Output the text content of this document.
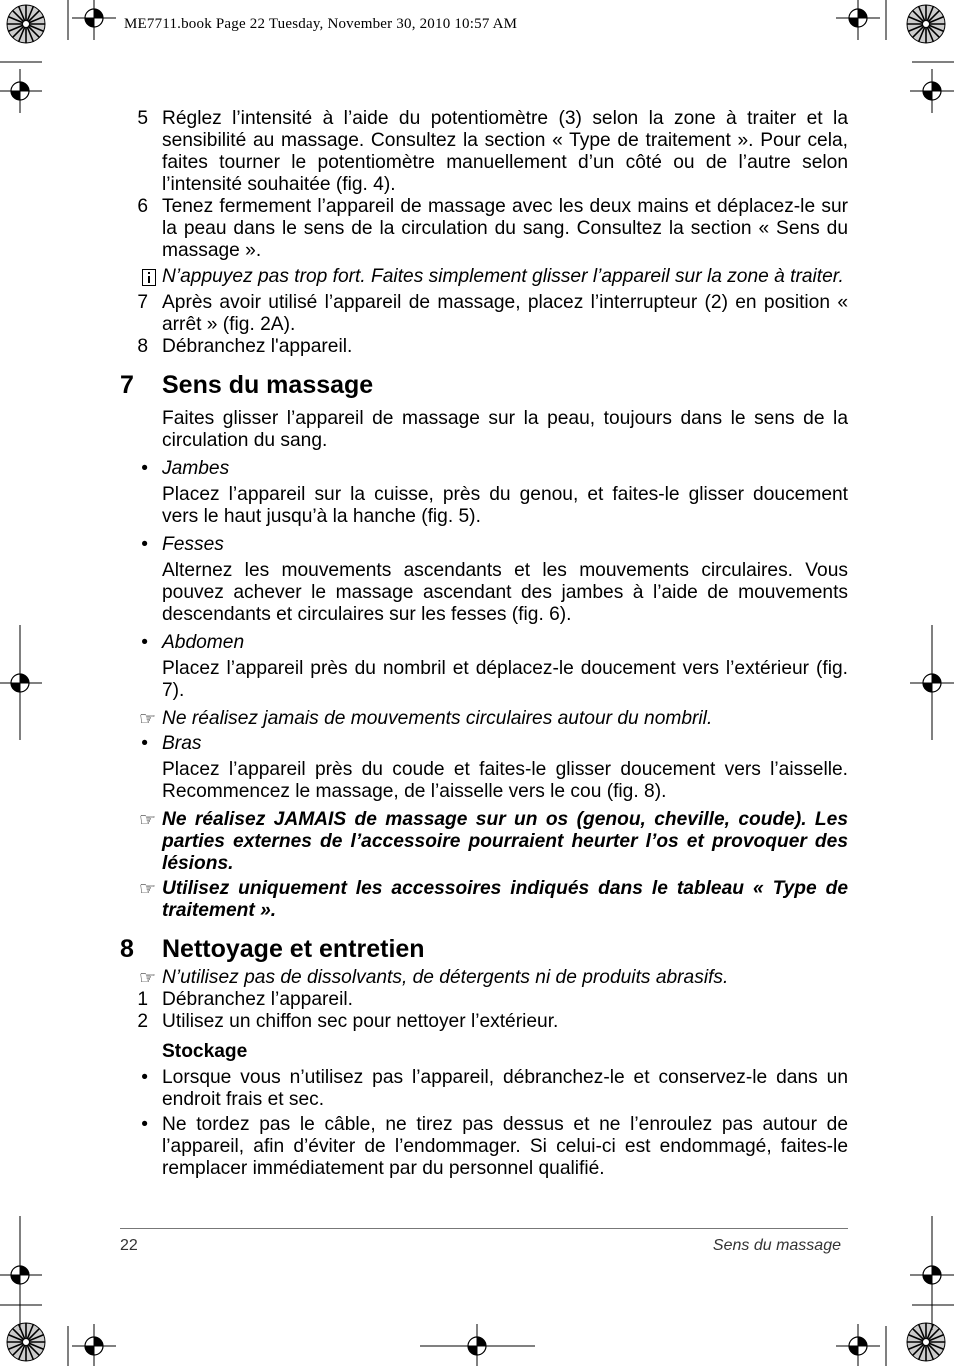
ME7711.book Page 22 Tuesday, November 30, 2010 10:57 AM
5 Réglez l’intensité à l’aide du potentiomètre (3) selon la zone à traiter et la sensibilité au massage. Consultez la section « Type de traitement ». Pour cela, faites tourner le potentiomètre manuellement d’un côté ou de l’autre selon l’intensité souhaitée (fig. 4).
6 Tenez fermement l’appareil de massage avec les deux mains et déplacez-le sur la peau dans le sens de la circulation du sang. Consultez la section « Sens du massage ».
N’appuyez pas trop fort. Faites simplement glisser l’appareil sur la zone à traiter.
7 Après avoir utilisé l’appareil de massage, placez l’interrupteur (2) en position « arrêt » (fig. 2A).
8 Débranchez l'appareil.
7	Sens du massage
Faites glisser l’appareil de massage sur la peau, toujours dans le sens de la circulation du sang.
• Jambes
Placez l’appareil sur la cuisse, près du genou, et faites-le glisser doucement vers le haut jusqu’à la hanche (fig. 5).
• Fesses
Alternez les mouvements ascendants et les mouvements circulaires. Vous pouvez achever le massage ascendant des jambes à l’aide de mouvements descendants et circulaires sur les fesses (fig. 6).
• Abdomen
Placez l’appareil près du nombril et déplacez-le doucement vers l’extérieur (fig. 7).
☞ Ne réalisez jamais de mouvements circulaires autour du nombril.
• Bras
Placez l’appareil près du coude et faites-le glisser doucement vers l’aisselle. Recommencez le massage, de l’aisselle vers le cou (fig. 8).
☞ Ne réalisez JAMAIS de massage sur un os (genou, cheville, coude). Les parties externes de l’accessoire pourraient heurter l’os et provoquer des lésions.
☞ Utilisez uniquement les accessoires indiqués dans le tableau « Type de traitement ».
8	Nettoyage et entretien
☞ N’utilisez pas de dissolvants, de détergents ni de produits abrasifs.
1 Débranchez l’appareil.
2 Utilisez un chiffon sec pour nettoyer l’extérieur.
Stockage
• Lorsque vous n’utilisez pas l’appareil, débranchez-le et conservez-le dans un endroit frais et sec.
• Ne tordez pas le câble, ne tirez pas dessus et ne l’enroulez pas autour de l’appareil, afin d’éviter de l’endommager. Si celui-ci est endommagé, faites-le remplacer immédiatement par du personnel qualifié.
22	Sens du massage
